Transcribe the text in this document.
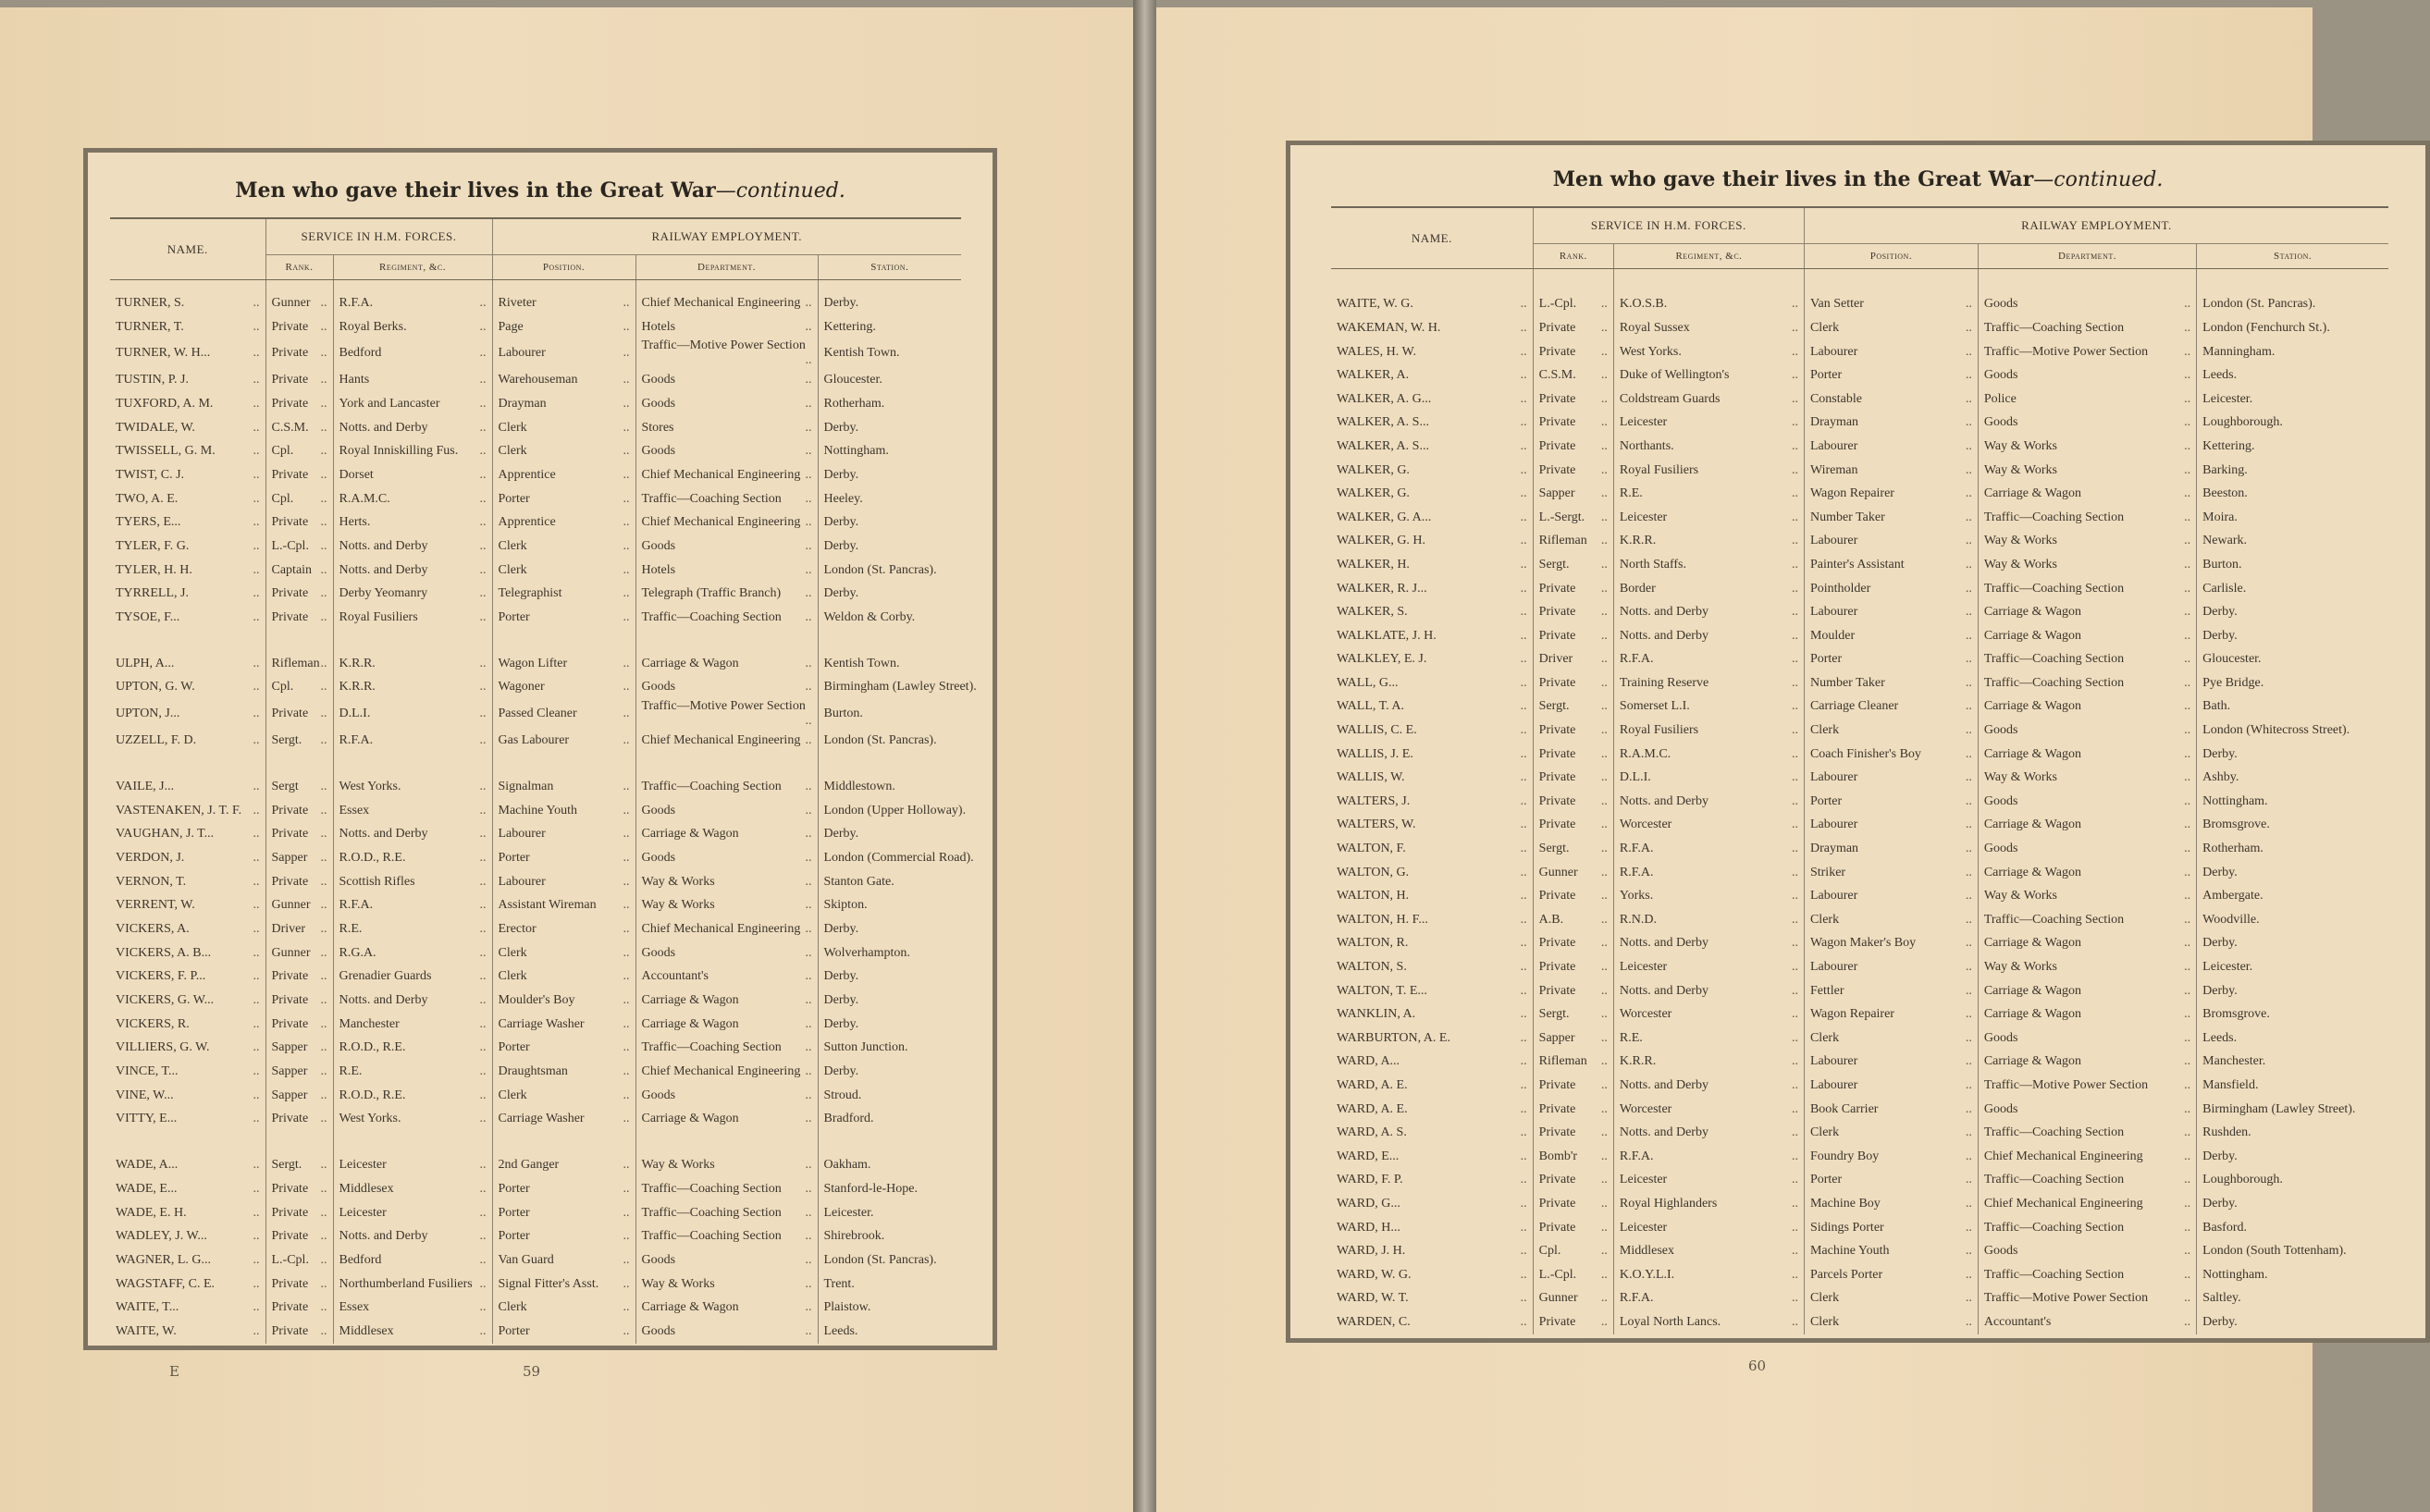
Men who gave their lives in the Great War—continued.
NAME.	SERVICE IN H.M. FORCES.		RAILWAY EMPLOYMENT.		
	Rank.	Regiment, &c.	Position.	Department.	Station.

TURNER, S. ..	Gunner ..	R.F.A. ..	Riveter ..	Chief Mechanical Engineering ..	Derby.
TURNER, T. ..	Private ..	Royal Berks. ..	Page ..	Hotels ..	Kettering.
TURNER, W. H... ..	Private ..	Bedford ..	Labourer ..	Traffic—Motive Power Section ..	Kentish Town.
TUSTIN, P. J. ..	Private ..	Hants ..	Warehouseman ..	Goods ..	Gloucester.
TUXFORD, A. M. ..	Private ..	York and Lancaster ..	Drayman ..	Goods ..	Rotherham.
TWIDALE, W. ..	C.S.M. ..	Notts. and Derby ..	Clerk ..	Stores ..	Derby.
TWISSELL, G. M. ..	Cpl. ..	Royal Inniskilling Fus. ..	Clerk ..	Goods ..	Nottingham.
TWIST, C. J. ..	Private ..	Dorset ..	Apprentice ..	Chief Mechanical Engineering ..	Derby.
TWO, A. E. ..	Cpl. ..	R.A.M.C. ..	Porter ..	Traffic—Coaching Section ..	Heeley.
TYERS, E... ..	Private ..	Herts. ..	Apprentice ..	Chief Mechanical Engineering ..	Derby.
TYLER, F. G. ..	L.-Cpl. ..	Notts. and Derby ..	Clerk ..	Goods ..	Derby.
TYLER, H. H. ..	Captain ..	Notts. and Derby ..	Clerk ..	Hotels ..	London (St. Pancras).
TYRRELL, J. ..	Private ..	Derby Yeomanry ..	Telegraphist ..	Telegraph (Traffic Branch) ..	Derby.
TYSOE, F... ..	Private ..	Royal Fusiliers ..	Porter ..	Traffic—Coaching Section ..	Weldon & Corby.

ULPH, A... ..	Rifleman ..	K.R.R. ..	Wagon Lifter ..	Carriage & Wagon ..	Kentish Town.
UPTON, G. W. ..	Cpl. ..	K.R.R. ..	Wagoner ..	Goods ..	Birmingham (Lawley Street).
UPTON, J... ..	Private ..	D.L.I. ..	Passed Cleaner ..	Traffic—Motive Power Section ..	Burton.
UZZELL, F. D. ..	Sergt. ..	R.F.A. ..	Gas Labourer ..	Chief Mechanical Engineering ..	London (St. Pancras).

VAILE, J... ..	Sergt ..	West Yorks. ..	Signalman ..	Traffic—Coaching Section ..	Middlestown.
VASTENAKEN, J. T. F. ..	Private ..	Essex ..	Machine Youth ..	Goods ..	London (Upper Holloway).
VAUGHAN, J. T... ..	Private ..	Notts. and Derby ..	Labourer ..	Carriage & Wagon ..	Derby.
VERDON, J. ..	Sapper ..	R.O.D., R.E. ..	Porter ..	Goods ..	London (Commercial Road).
VERNON, T. ..	Private ..	Scottish Rifles ..	Labourer ..	Way & Works ..	Stanton Gate.
VERRENT, W. ..	Gunner ..	R.F.A. ..	Assistant Wireman ..	Way & Works ..	Skipton.
VICKERS, A. ..	Driver ..	R.E. ..	Erector ..	Chief Mechanical Engineering ..	Derby.
VICKERS, A. B... ..	Gunner ..	R.G.A. ..	Clerk ..	Goods ..	Wolverhampton.
VICKERS, F. P... ..	Private ..	Grenadier Guards ..	Clerk ..	Accountant's ..	Derby.
VICKERS, G. W... ..	Private ..	Notts. and Derby ..	Moulder's Boy ..	Carriage & Wagon ..	Derby.
VICKERS, R. ..	Private ..	Manchester ..	Carriage Washer ..	Carriage & Wagon ..	Derby.
VILLIERS, G. W. ..	Sapper ..	R.O.D., R.E. ..	Porter ..	Traffic—Coaching Section ..	Sutton Junction.
VINCE, T... ..	Sapper ..	R.E. ..	Draughtsman ..	Chief Mechanical Engineering ..	Derby.
VINE, W... ..	Sapper ..	R.O.D., R.E. ..	Clerk ..	Goods ..	Stroud.
VITTY, E... ..	Private ..	West Yorks. ..	Carriage Washer ..	Carriage & Wagon ..	Bradford.

WADE, A... ..	Sergt. ..	Leicester ..	2nd Ganger ..	Way & Works ..	Oakham.
WADE, E... ..	Private ..	Middlesex ..	Porter ..	Traffic—Coaching Section ..	Stanford-le-Hope.
WADE, E. H. ..	Private ..	Leicester ..	Porter ..	Traffic—Coaching Section ..	Leicester.
WADLEY, J. W... ..	Private ..	Notts. and Derby ..	Porter ..	Traffic—Coaching Section ..	Shirebrook.
WAGNER, L. G... ..	L.-Cpl. ..	Bedford ..	Van Guard ..	Goods ..	London (St. Pancras).
WAGSTAFF, C. E. ..	Private ..	Northumberland Fusiliers ..	Signal Fitter's Asst. ..	Way & Works ..	Trent.
WAITE, T... ..	Private ..	Essex ..	Clerk ..	Carriage & Wagon ..	Plaistow.
WAITE, W. ..	Private ..	Middlesex ..	Porter ..	Goods ..	Leeds.
E	59
Men who gave their lives in the Great War—continued.
NAME.	SERVICE IN H.M. FORCES.		RAILWAY EMPLOYMENT.		
	Rank.	Regiment, &c.	Position.	Department.	Station.

WAITE, W. G. ..	L.-Cpl. ..	K.O.S.B. ..	Van Setter ..	Goods ..	London (St. Pancras).
WAKEMAN, W. H. ..	Private ..	Royal Sussex ..	Clerk ..	Traffic—Coaching Section ..	London (Fenchurch St.).
WALES, H. W. ..	Private ..	West Yorks. ..	Labourer ..	Traffic—Motive Power Section ..	Manningham.
WALKER, A. ..	C.S.M. ..	Duke of Wellington's ..	Porter ..	Goods ..	Leeds.
WALKER, A. G... ..	Private ..	Coldstream Guards ..	Constable ..	Police ..	Leicester.
WALKER, A. S... ..	Private ..	Leicester ..	Drayman ..	Goods ..	Loughborough.
WALKER, A. S... ..	Private ..	Northants. ..	Labourer ..	Way & Works ..	Kettering.
WALKER, G. ..	Private ..	Royal Fusiliers ..	Wireman ..	Way & Works ..	Barking.
WALKER, G. ..	Sapper ..	R.E. ..	Wagon Repairer ..	Carriage & Wagon ..	Beeston.
WALKER, G. A... ..	L.-Sergt. ..	Leicester ..	Number Taker ..	Traffic—Coaching Section ..	Moira.
WALKER, G. H. ..	Rifleman ..	K.R.R. ..	Labourer ..	Way & Works ..	Newark.
WALKER, H. ..	Sergt. ..	North Staffs. ..	Painter's Assistant ..	Way & Works ..	Burton.
WALKER, R. J... ..	Private ..	Border ..	Pointholder ..	Traffic—Coaching Section ..	Carlisle.
WALKER, S. ..	Private ..	Notts. and Derby ..	Labourer ..	Carriage & Wagon ..	Derby.
WALKLATE, J. H. ..	Private ..	Notts. and Derby ..	Moulder ..	Carriage & Wagon ..	Derby.
WALKLEY, E. J. ..	Driver ..	R.F.A. ..	Porter ..	Traffic—Coaching Section ..	Gloucester.
WALL, G... ..	Private ..	Training Reserve ..	Number Taker ..	Traffic—Coaching Section ..	Pye Bridge.
WALL, T. A. ..	Sergt. ..	Somerset L.I. ..	Carriage Cleaner ..	Carriage & Wagon ..	Bath.
WALLIS, C. E. ..	Private ..	Royal Fusiliers ..	Clerk ..	Goods ..	London (Whitecross Street).
WALLIS, J. E. ..	Private ..	R.A.M.C. ..	Coach Finisher's Boy ..	Carriage & Wagon ..	Derby.
WALLIS, W. ..	Private ..	D.L.I. ..	Labourer ..	Way & Works ..	Ashby.
WALTERS, J. ..	Private ..	Notts. and Derby ..	Porter ..	Goods ..	Nottingham.
WALTERS, W. ..	Private ..	Worcester ..	Labourer ..	Carriage & Wagon ..	Bromsgrove.
WALTON, F. ..	Sergt. ..	R.F.A. ..	Drayman ..	Goods ..	Rotherham.
WALTON, G. ..	Gunner ..	R.F.A. ..	Striker ..	Carriage & Wagon ..	Derby.
WALTON, H. ..	Private ..	Yorks. ..	Labourer ..	Way & Works ..	Ambergate.
WALTON, H. F... ..	A.B. ..	R.N.D. ..	Clerk ..	Traffic—Coaching Section ..	Woodville.
WALTON, R. ..	Private ..	Notts. and Derby ..	Wagon Maker's Boy ..	Carriage & Wagon ..	Derby.
WALTON, S. ..	Private ..	Leicester ..	Labourer ..	Way & Works ..	Leicester.
WALTON, T. E... ..	Private ..	Notts. and Derby ..	Fettler ..	Carriage & Wagon ..	Derby.
WANKLIN, A. ..	Sergt. ..	Worcester ..	Wagon Repairer ..	Carriage & Wagon ..	Bromsgrove.
WARBURTON, A. E. ..	Sapper ..	R.E. ..	Clerk ..	Goods ..	Leeds.
WARD, A... ..	Rifleman ..	K.R.R. ..	Labourer ..	Carriage & Wagon ..	Manchester.
WARD, A. E. ..	Private ..	Notts. and Derby ..	Labourer ..	Traffic—Motive Power Section ..	Mansfield.
WARD, A. E. ..	Private ..	Worcester ..	Book Carrier ..	Goods ..	Birmingham (Lawley Street).
WARD, A. S. ..	Private ..	Notts. and Derby ..	Clerk ..	Traffic—Coaching Section ..	Rushden.
WARD, E... ..	Bomb'r ..	R.F.A. ..	Foundry Boy ..	Chief Mechanical Engineering ..	Derby.
WARD, F. P. ..	Private ..	Leicester ..	Porter ..	Traffic—Coaching Section ..	Loughborough.
WARD, G... ..	Private ..	Royal Highlanders ..	Machine Boy ..	Chief Mechanical Engineering ..	Derby.
WARD, H... ..	Private ..	Leicester ..	Sidings Porter ..	Traffic—Coaching Section ..	Basford.
WARD, J. H. ..	Cpl. ..	Middlesex ..	Machine Youth ..	Goods ..	London (South Tottenham).
WARD, W. G. ..	L.-Cpl. ..	K.O.Y.L.I. ..	Parcels Porter ..	Traffic—Coaching Section ..	Nottingham.
WARD, W. T. ..	Gunner ..	R.F.A. ..	Clerk ..	Traffic—Motive Power Section ..	Saltley.
WARDEN, C. ..	Private ..	Loyal North Lancs. ..	Clerk ..	Accountant's ..	Derby.
60
